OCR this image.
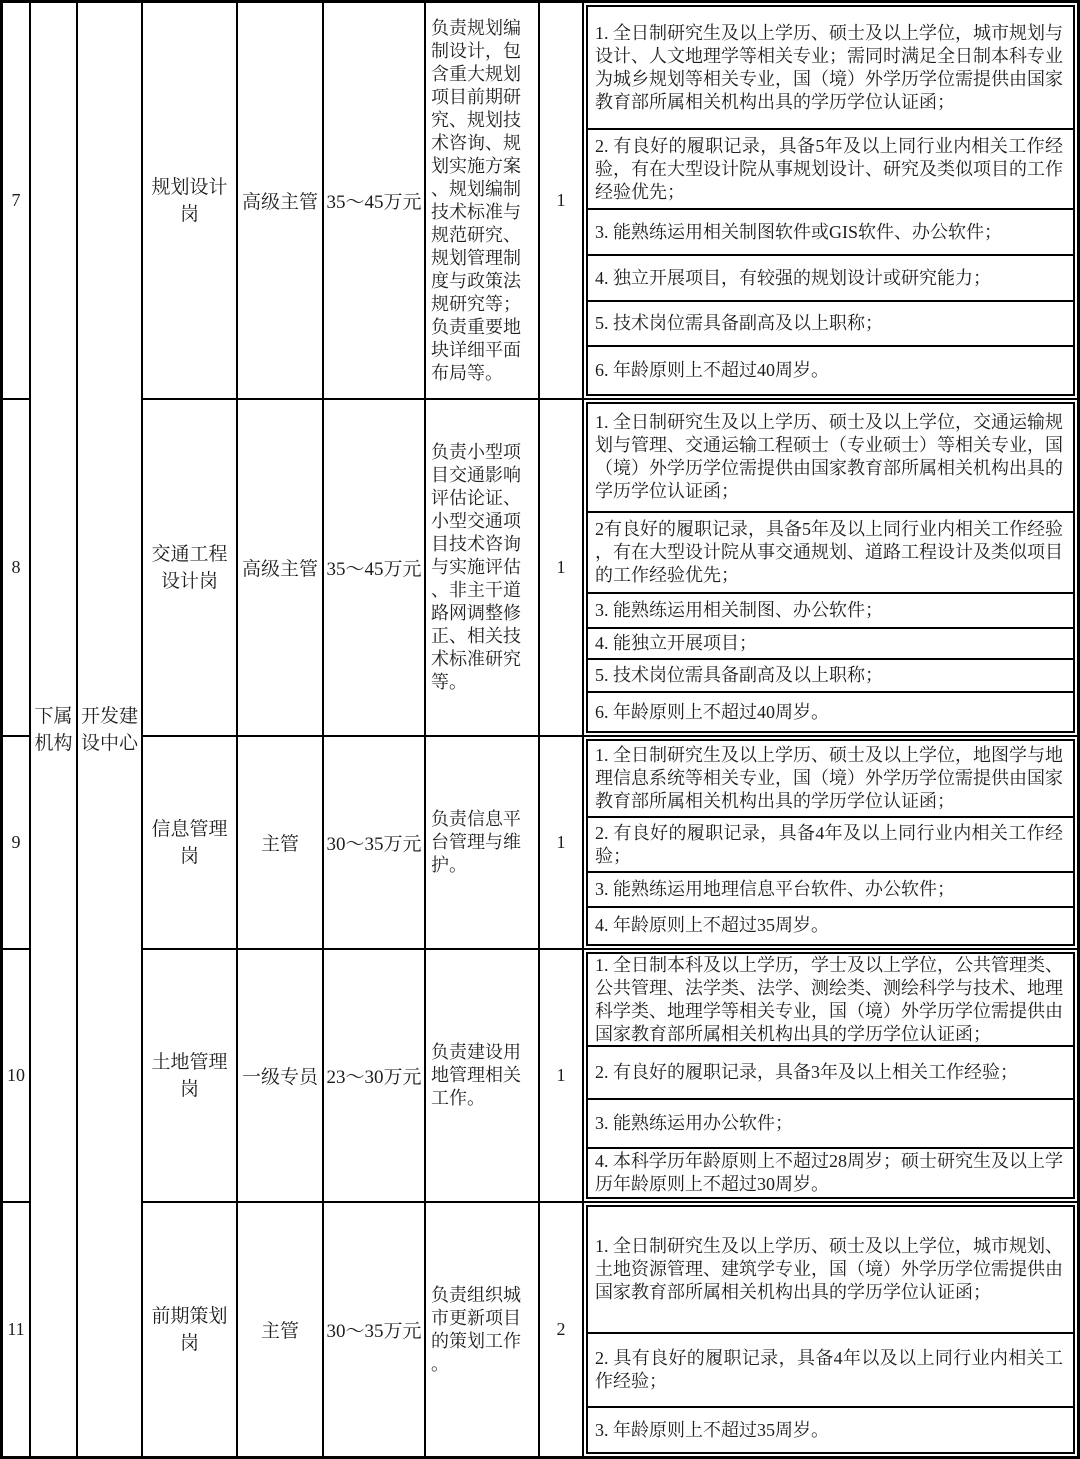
下属机构
开发建设中心
7
规划设计岗
高级主管 35～45万元
负责规划编制设计，包含重大规划项目前期研究、规划技术咨询、规划实施方案、规划编制技术标准与规范研究、规划管理制度与政策法规研究等；负责重要地块详细平面布局等。
1
1. 全日制研究生及以上学历、硕士及以上学位，城市规划与设计、人文地理学等相关专业；需同时满足全日制本科专业为城乡规划等相关专业，国（境）外学历学位需提供由国家教育部所属相关机构出具的学历学位认证函；
2. 有良好的履职记录，具备5年及以上同行业内相关工作经验，有在大型设计院从事规划设计、研究及类似项目的工作经验优先；
3. 能熟练运用相关制图软件或GIS软件、办公软件；
4. 独立开展项目，有较强的规划设计或研究能力；
5. 技术岗位需具备副高及以上职称；
6. 年龄原则上不超过40周岁。
8
交通工程设计岗
高级主管 35～45万元
负责小型项目交通影响评估论证、小型交通项目技术咨询与实施评估、非主干道路网调整修正、相关技术标准研究等。
1
1. 全日制研究生及以上学历、硕士及以上学位，交通运输规划与管理、交通运输工程硕士（专业硕士）等相关专业，国（境）外学历学位需提供由国家教育部所属相关机构出具的学历学位认证函；
2有良好的履职记录，具备5年及以上同行业内相关工作经验，有在大型设计院从事交通规划、道路工程设计及类似项目的工作经验优先；
3. 能熟练运用相关制图、办公软件；
4. 能独立开展项目；
5. 技术岗位需具备副高及以上职称；
6. 年龄原则上不超过40周岁。
9
信息管理岗
主管 30～35万元
负责信息平台管理与维护。
1
1. 全日制研究生及以上学历、硕士及以上学位，地图学与地理信息系统等相关专业，国（境）外学历学位需提供由国家教育部所属相关机构出具的学历学位认证函；
2. 有良好的履职记录，具备4年及以上同行业内相关工作经验；
3. 能熟练运用地理信息平台软件、办公软件；
4. 年龄原则上不超过35周岁。
10
土地管理岗
一级专员 23～30万元
负责建设用地管理相关工作。
1
1. 全日制本科及以上学历，学士及以上学位，公共管理类、公共管理、法学类、法学、测绘类、测绘科学与技术、地理科学类、地理学等相关专业，国（境）外学历学位需提供由国家教育部所属相关机构出具的学历学位认证函；
2. 有良好的履职记录，具备3年及以上相关工作经验；
3. 能熟练运用办公软件；
4. 本科学历年龄原则上不超过28周岁；硕士研究生及以上学历年龄原则上不超过30周岁。
11
前期策划岗
主管 30～35万元
负责组织城市更新项目的策划工作。
2
1. 全日制研究生及以上学历、硕士及以上学位，城市规划、土地资源管理、建筑学专业，国（境）外学历学位需提供由国家教育部所属相关机构出具的学历学位认证函；
2. 具有良好的履职记录，具备4年以及以上同行业内相关工作经验；
3. 年龄原则上不超过35周岁。
